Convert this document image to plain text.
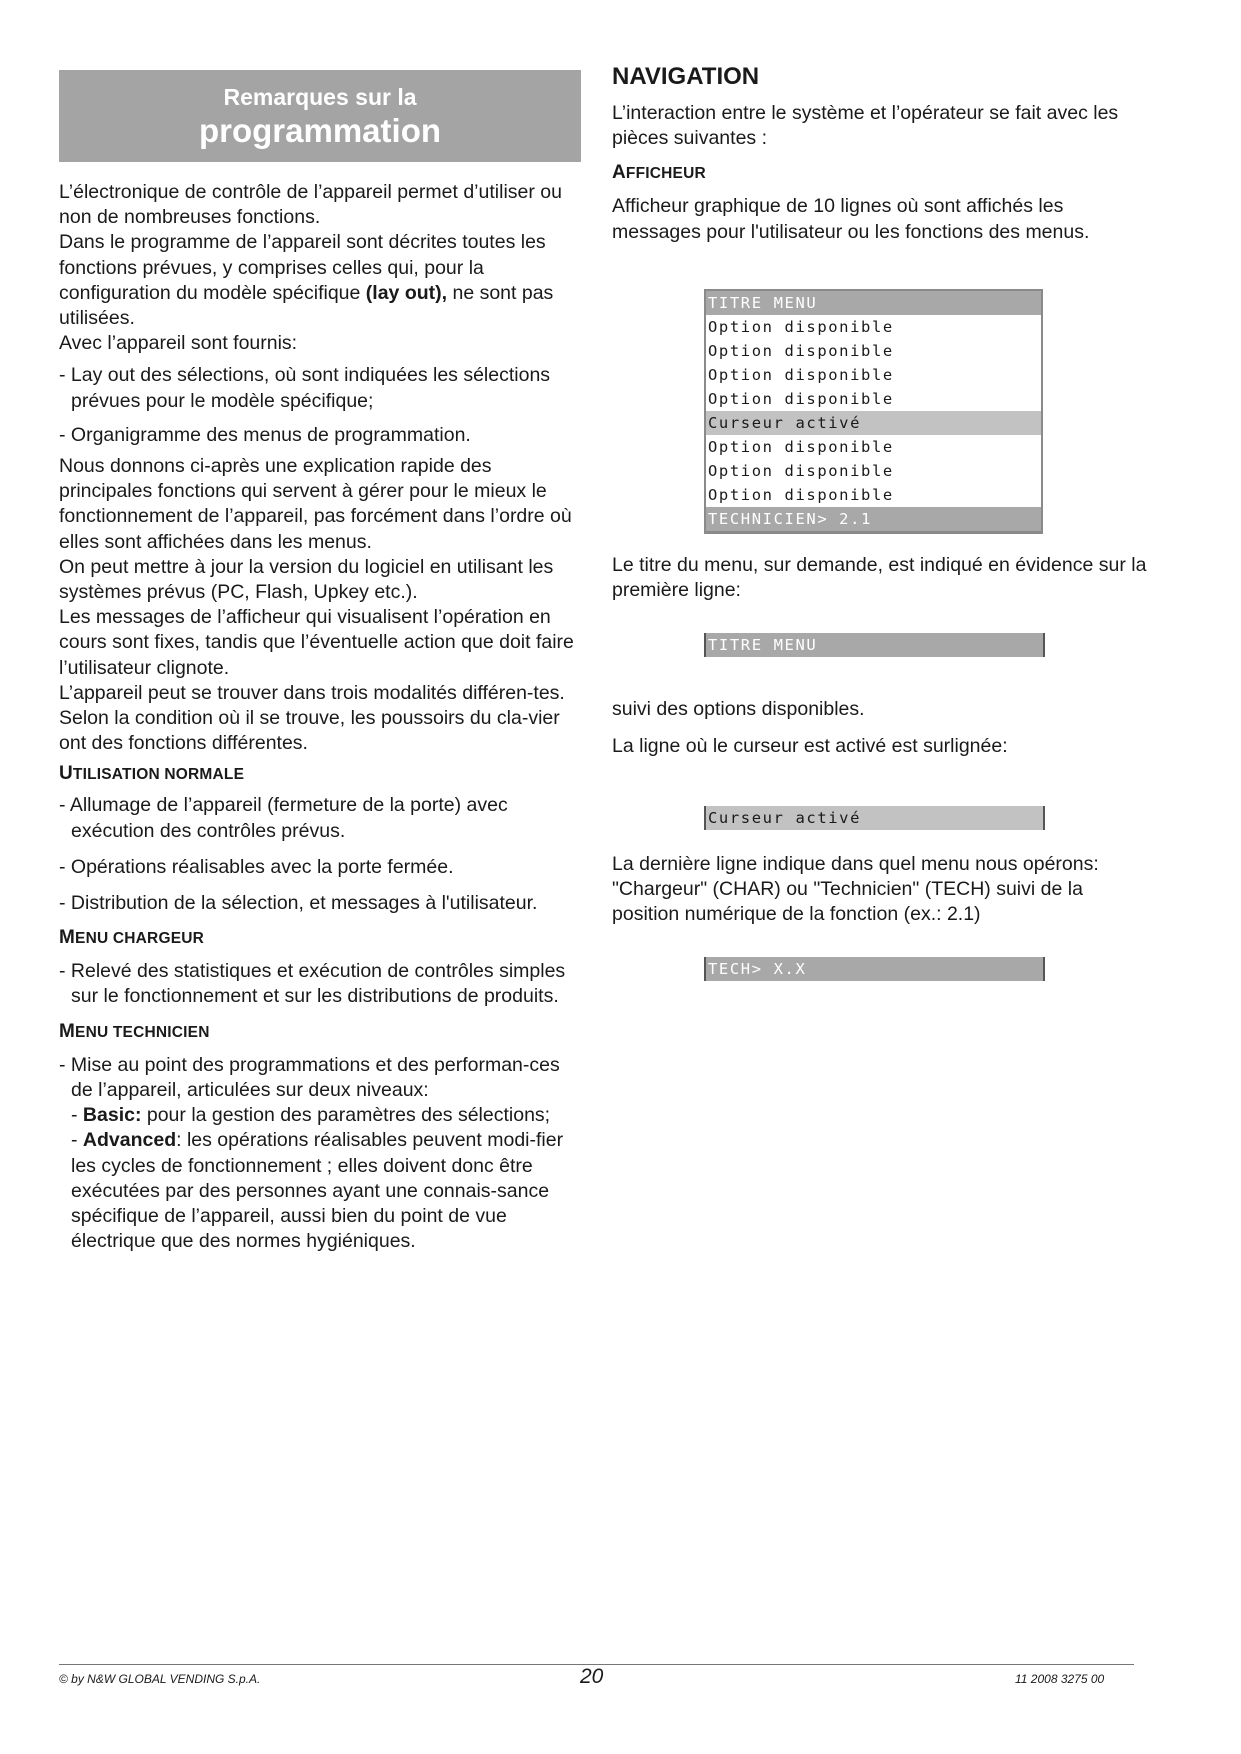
Remarques sur la
programmation

L’électronique de contrôle de l’appareil permet d’utiliser ou non de nombreuses fonctions.

Dans le programme de l’appareil sont décrites toutes les fonctions prévues, y comprises celles qui, pour la configuration du modèle spécifique (lay out), ne sont pas utilisées.

Avec l’appareil sont fournis:

- Lay out des sélections, où sont indiquées les sélections prévues pour le modèle spécifique;

- Organigramme des menus de programmation.

Nous donnons ci-après une explication rapide des principales fonctions qui servent à gérer pour le mieux le fonctionnement de l’appareil, pas forcément dans l’ordre où elles sont affichées dans les menus.

On peut mettre à jour la version du logiciel en utilisant les systèmes prévus (PC, Flash, Upkey etc.).

Les messages de l’afficheur qui visualisent l’opération en cours sont fixes, tandis que l’éventuelle action que doit faire l’utilisateur clignote.

L’appareil peut se trouver dans trois modalités différen-tes.

Selon la condition où il se trouve, les poussoirs du cla-vier ont des fonctions différentes.

UTILISATION NORMALE

- Allumage de l’appareil (fermeture de la porte) avec exécution des contrôles prévus.

- Opérations réalisables avec la porte fermée.

- Distribution de la sélection, et messages à l'utilisateur.

MENU CHARGEUR

- Relevé des statistiques et exécution de contrôles simples sur le fonctionnement et sur les distributions de produits.

MENU TECHNICIEN

- Mise au point des programmations et des performan-ces de l’appareil, articulées sur deux niveaux:

- Basic: pour la gestion des paramètres des sélections;

- Advanced: les opérations réalisables peuvent modi-fier les cycles de fonctionnement ; elles doivent donc être exécutées par des personnes ayant une connais-sance spécifique de l’appareil, aussi bien du point de vue électrique que des normes hygiéniques.

NAVIGATION

L’interaction entre le système et l’opérateur se fait avec les pièces suivantes :

AFFICHEUR

Afficheur graphique de 10 lignes où sont affichés les messages pour l'utilisateur ou les fonctions des menus.

TITRE MENU
Option disponible
Option disponible
Option disponible
Option disponible
Curseur activé
Option disponible
Option disponible
Option disponible
TECHNICIEN> 2.1

Le titre du menu, sur demande, est indiqué en évidence sur la première ligne:

TITRE MENU

suivi des options disponibles.

La ligne où le curseur est activé est surlignée:

Curseur activé

La dernière ligne indique dans quel menu nous opérons: "Chargeur" (CHAR) ou "Technicien" (TECH) suivi de la position numérique de la fonction (ex.: 2.1)

TECH> X.X
© by N&W GLOBAL VENDING S.p.A.	20	11 2008 3275 00
